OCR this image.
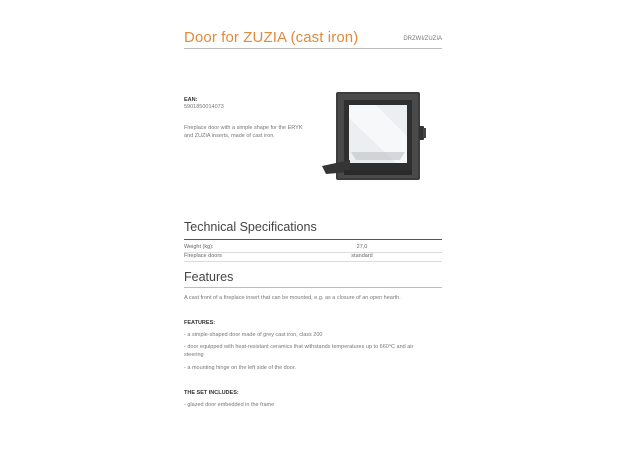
Door for ZUZIA (cast iron)	DRZWI/ZUZIA
EAN:
5901850014073
Fireplace door with a simple shape for the ERYK and ZUZIA inserts, made of cast iron.
Technical Specifications
Weight (kg):	27,0
Fireplace doors	standard
Features
A cast front of a fireplace insert that can be mounted, e.g. as a closure of an open hearth.
FEATURES:
- a simple-shaped door made of grey cast iron, class 200
- door equipped with heat-resistant ceramics that withstands temperatures up to 660°C and air steering
- a mounting hinge on the left side of the door.
THE SET INCLUDES:
- glazed door embedded in the frame
